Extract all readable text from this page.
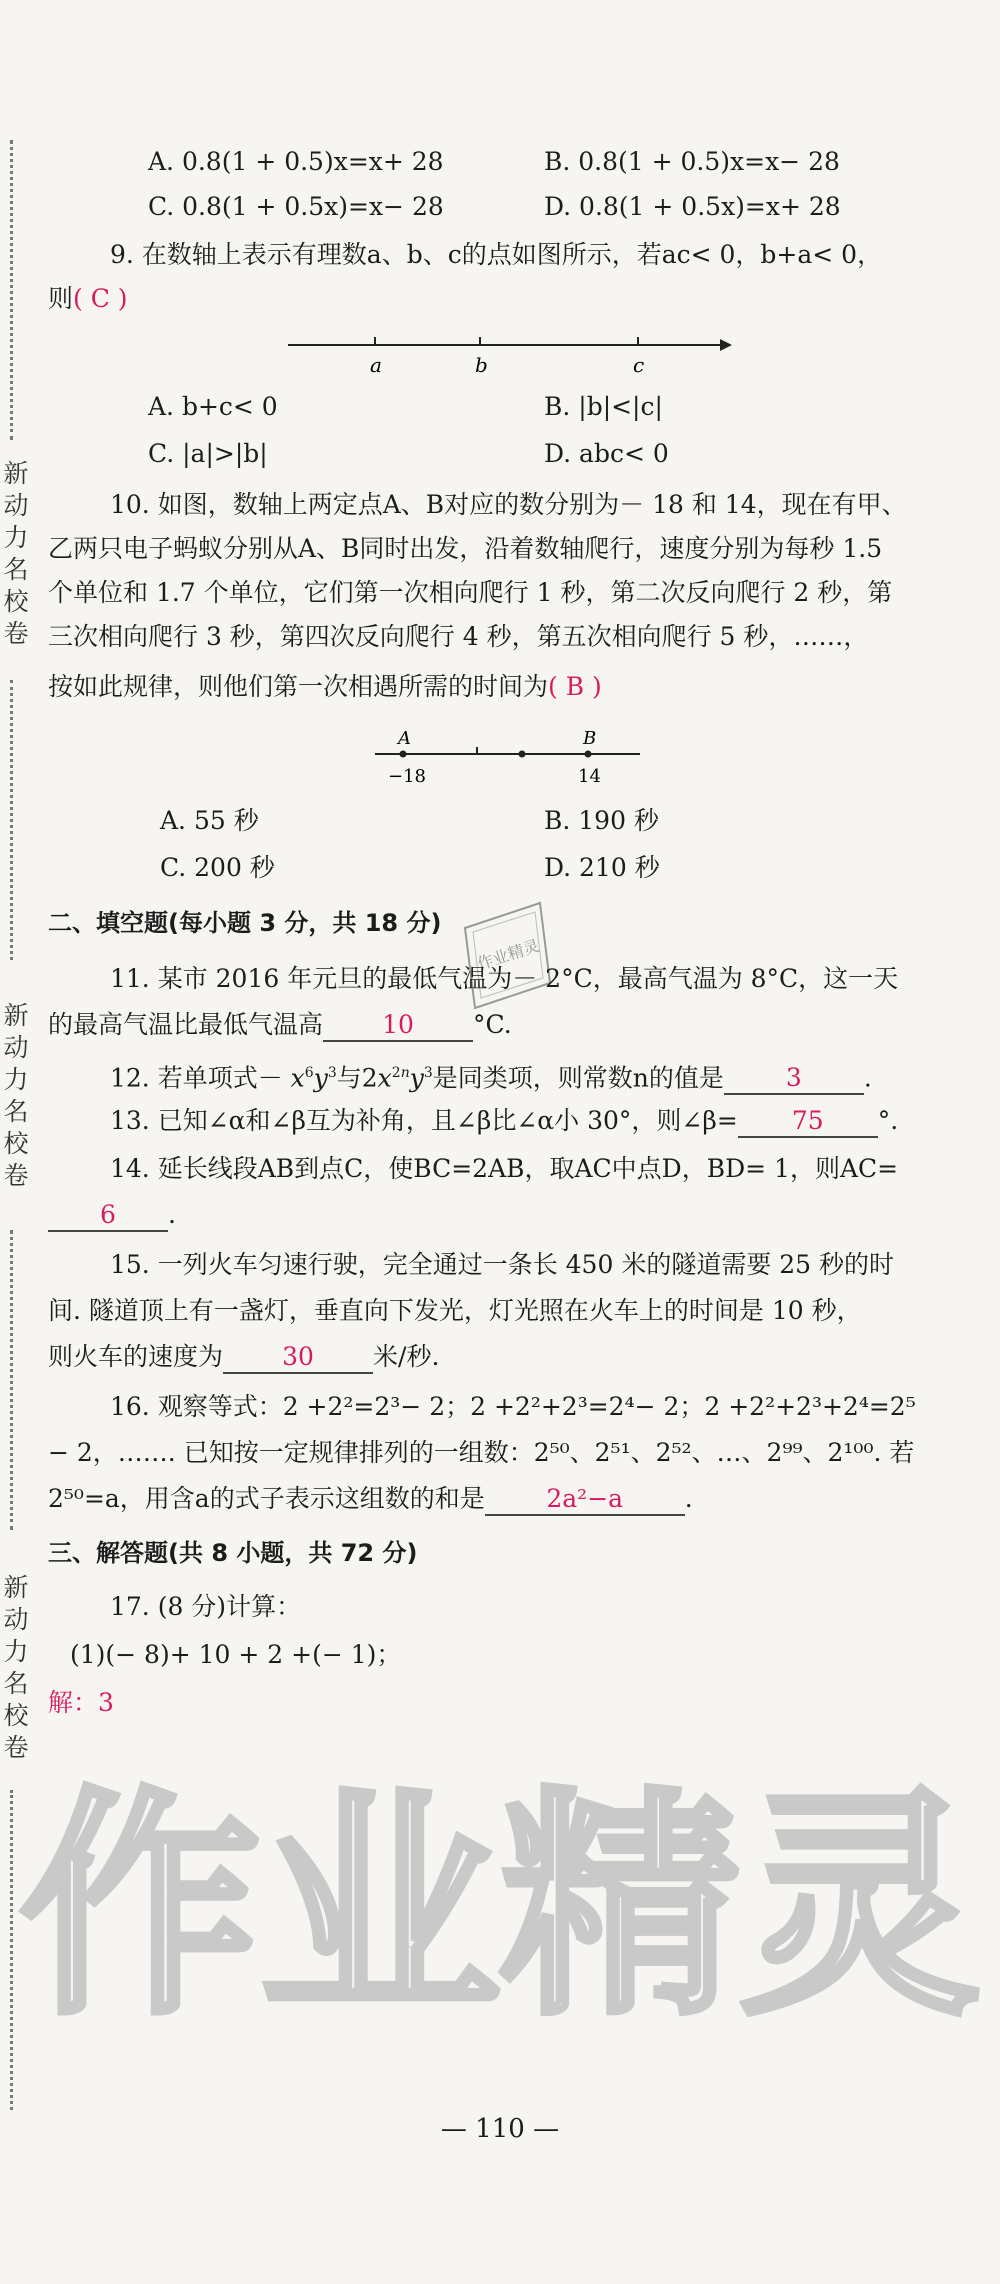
新动力名校卷
新动力名校卷
新动力名校卷
A. 0.8(1 + 0.5)x=x+ 28	B. 0.8(1 + 0.5)x=x− 28
C. 0.8(1 + 0.5x)=x− 28	D. 0.8(1 + 0.5x)=x+ 28
9. 在数轴上表示有理数a、b、c的点如图所示，若ac< 0，b+a< 0，
则( C )
a	b	c
A. b+c< 0	B. |b|<|c|
C. |a|>|b|	D. abc< 0
10. 如图，数轴上两定点A、B对应的数分别为－ 18 和 14，现在有甲、
乙两只电子蚂蚁分别从A、B同时出发，沿着数轴爬行，速度分别为每秒 1.5
个单位和 1.7 个单位，它们第一次相向爬行 1 秒，第二次反向爬行 2 秒，第
三次相向爬行 3 秒，第四次反向爬行 4 秒，第五次相向爬行 5 秒，……，
按如此规律，则他们第一次相遇所需的时间为( B )
A	B
−18	14
A. 55 秒	B. 190 秒
C. 200 秒	D. 210 秒
二、填空题(每小题 3 分，共 18 分)
作业精灵
11. 某市 2016 年元旦的最低气温为－ 2°C，最高气温为 8°C，这一天
的最高气温比最低气温高 10 °C.
12. 若单项式－ $x^6y^3$与$2x^{2n}y^3$是同类项，则常数n的值是 3 .
13. 已知∠α和∠β互为补角，且∠β比∠α小 30°，则∠β= 75 °.
14. 延长线段AB到点C，使BC=2AB，取AC中点D，BD= 1，则AC=
6 .
15. 一列火车匀速行驶，完全通过一条长 450 米的隧道需要 25 秒的时
间. 隧道顶上有一盏灯，垂直向下发光，灯光照在火车上的时间是 10 秒，
则火车的速度为 30 米/秒.
16. 观察等式：2 +2²=2³− 2；2 +2²+2³=2⁴− 2；2 +2²+2³+2⁴=2⁵
− 2，……. 已知按一定规律排列的一组数：2⁵⁰、2⁵¹、2⁵²、…、2⁹⁹、2¹⁰⁰. 若
2⁵⁰=a，用含a的式子表示这组数的和是 2a²−a .
三、解答题(共 8 小题，共 72 分)
17. (8 分)计算：
(1)(− 8)+ 10 + 2 +(− 1)；
解：3
作业精灵
— 110 —
